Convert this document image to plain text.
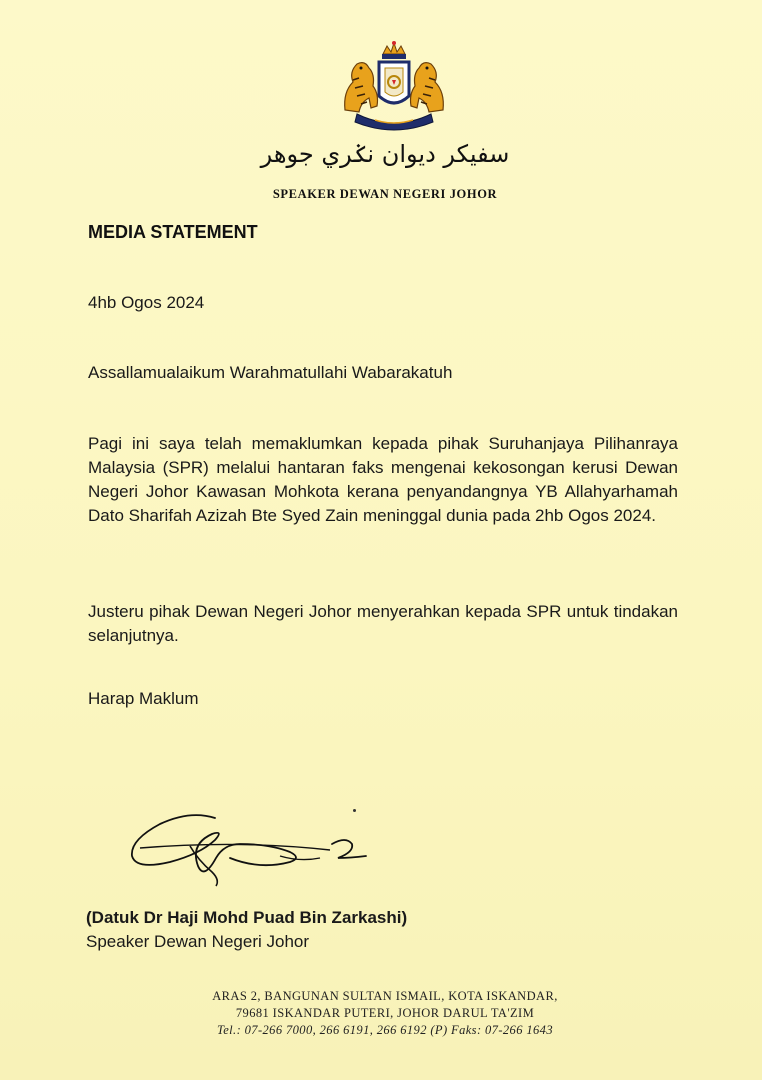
سفيكر ديوان نݢري جوهر
SPEAKER DEWAN NEGERI JOHOR
MEDIA STATEMENT
4hb Ogos 2024
Assallamualaikum Warahmatullahi Wabarakatuh
Pagi ini saya telah memaklumkan kepada pihak Suruhanjaya Pilihanraya Malaysia (SPR) melalui hantaran faks mengenai kekosongan kerusi Dewan Negeri Johor Kawasan Mohkota kerana penyandangnya YB Allahyarhamah Dato Sharifah Azizah Bte Syed Zain meninggal dunia pada 2hb Ogos 2024.
Justeru pihak Dewan Negeri Johor menyerahkan kepada SPR untuk tindakan selanjutnya.
Harap Maklum
(Datuk Dr Haji Mohd Puad Bin Zarkashi)
Speaker Dewan Negeri Johor
ARAS 2, BANGUNAN SULTAN ISMAIL, KOTA ISKANDAR,
79681 ISKANDAR PUTERI, JOHOR DARUL TA'ZIM
Tel.: 07-266 7000, 266 6191, 266 6192 (P) Faks: 07-266 1643
